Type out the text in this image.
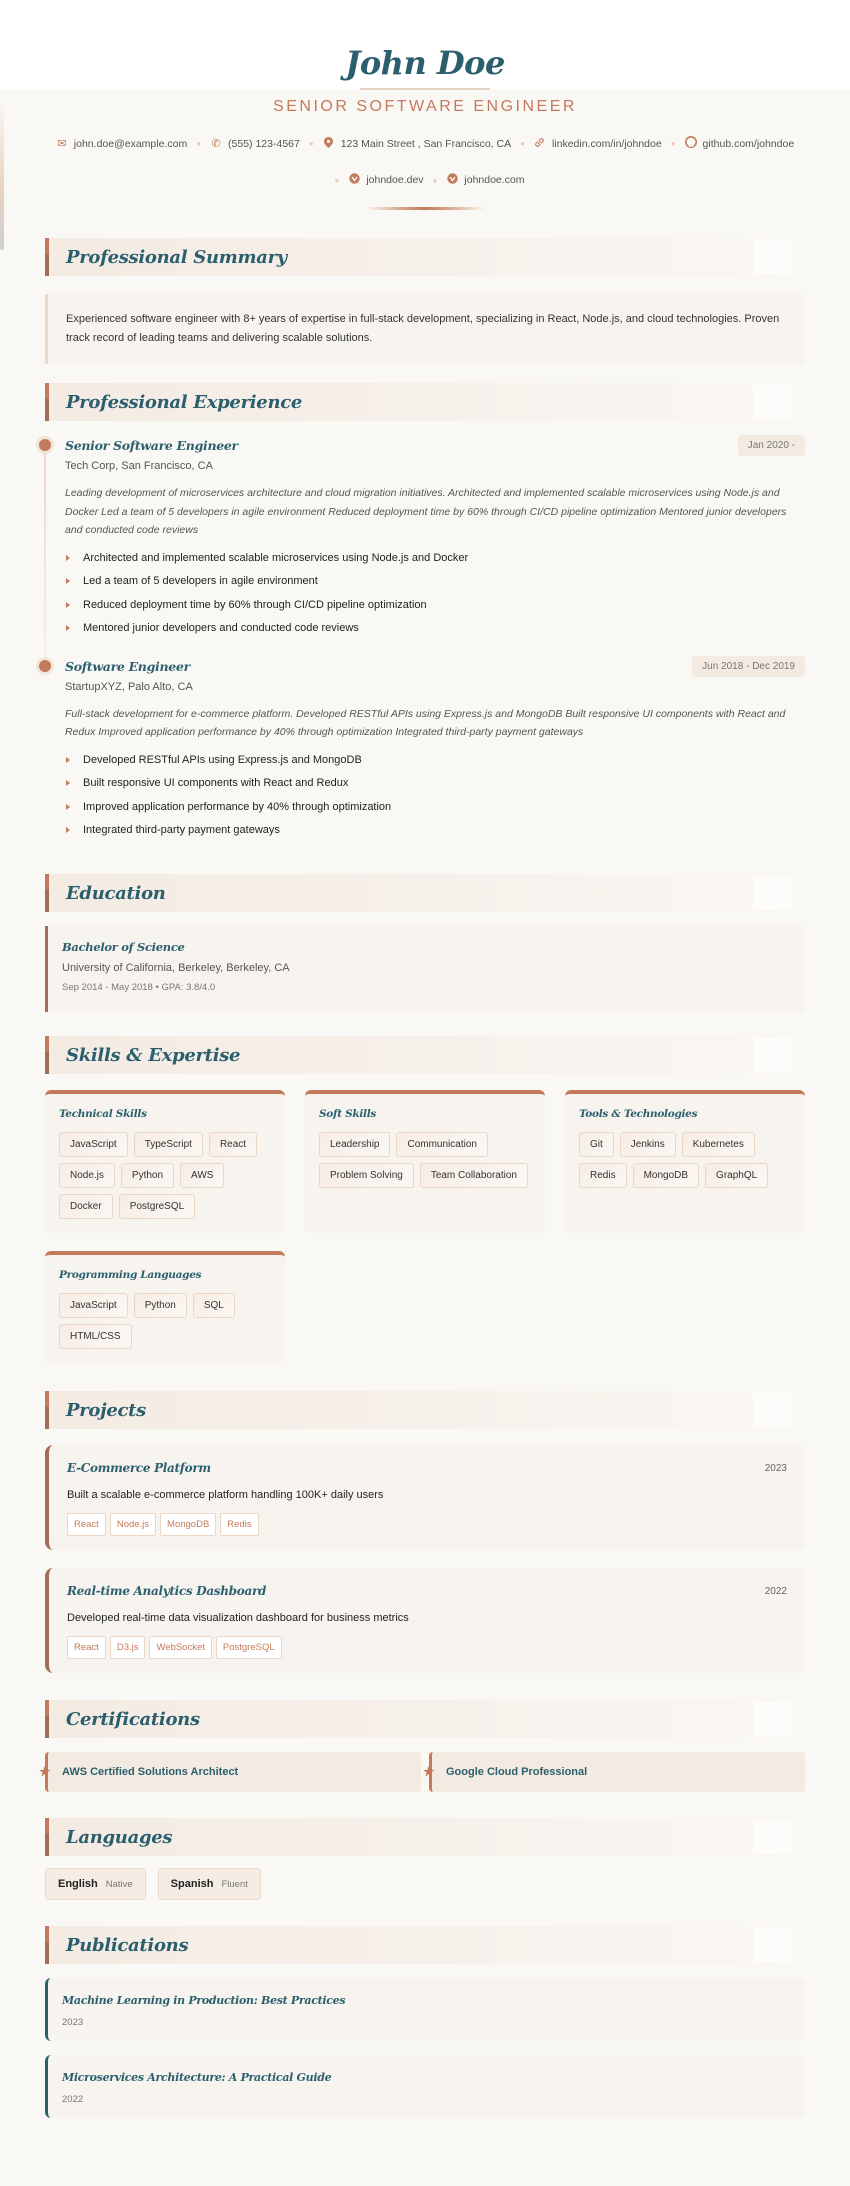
John Doe
SENIOR SOFTWARE ENGINEER
✉ john.doe@example.com ● ✆ (555) 123-4567 ●	123 Main Street , San Francisco, CA ●	linkedin.com/in/johndoe ●	github.com/johndoe
●	johndoe.dev ●	johndoe.com
Professional Summary
Experienced software engineer with 8+ years of expertise in full-stack development, specializing in React, Node.js, and cloud technologies. Proven track record of leading teams and delivering scalable solutions.
Professional Experience
Senior Software Engineer	Jan 2020 -
Tech Corp, San Francisco, CA
Leading development of microservices architecture and cloud migration initiatives. Architected and implemented scalable microservices using Node.js and Docker Led a team of 5 developers in agile environment Reduced deployment time by 60% through CI/CD pipeline optimization Mentored junior developers and conducted code reviews
Architected and implemented scalable microservices using Node.js and Docker
Led a team of 5 developers in agile environment
Reduced deployment time by 60% through CI/CD pipeline optimization
Mentored junior developers and conducted code reviews
Software Engineer	Jun 2018 - Dec 2019
StartupXYZ, Palo Alto, CA
Full-stack development for e-commerce platform. Developed RESTful APIs using Express.js and MongoDB Built responsive UI components with React and Redux Improved application performance by 40% through optimization Integrated third-party payment gateways
Developed RESTful APIs using Express.js and MongoDB
Built responsive UI components with React and Redux
Improved application performance by 40% through optimization
Integrated third-party payment gateways
Education
Bachelor of Science
University of California, Berkeley, Berkeley, CA
Sep 2014 - May 2018 • GPA: 3.8/4.0
Skills & Expertise
Technical Skills
JavaScript	TypeScript	React
Node.js	Python	AWS
Docker	PostgreSQL
Soft Skills
Leadership	Communication
Problem Solving	Team Collaboration
Tools & Technologies
Git	Jenkins	Kubernetes
Redis	MongoDB	GraphQL
Programming Languages
JavaScript	Python	SQL
HTML/CSS
Projects
E-Commerce Platform	2023
Built a scalable e-commerce platform handling 100K+ daily users
React	Node.js	MongoDB	Redis
Real-time Analytics Dashboard	2022
Developed real-time data visualization dashboard for business metrics
React	D3.js	WebSocket	PostgreSQL
Certifications
★ AWS Certified Solutions Architect	★ Google Cloud Professional
Languages
English Native	Spanish Fluent
Publications
Machine Learning in Production: Best Practices
2023
Microservices Architecture: A Practical Guide
2022
